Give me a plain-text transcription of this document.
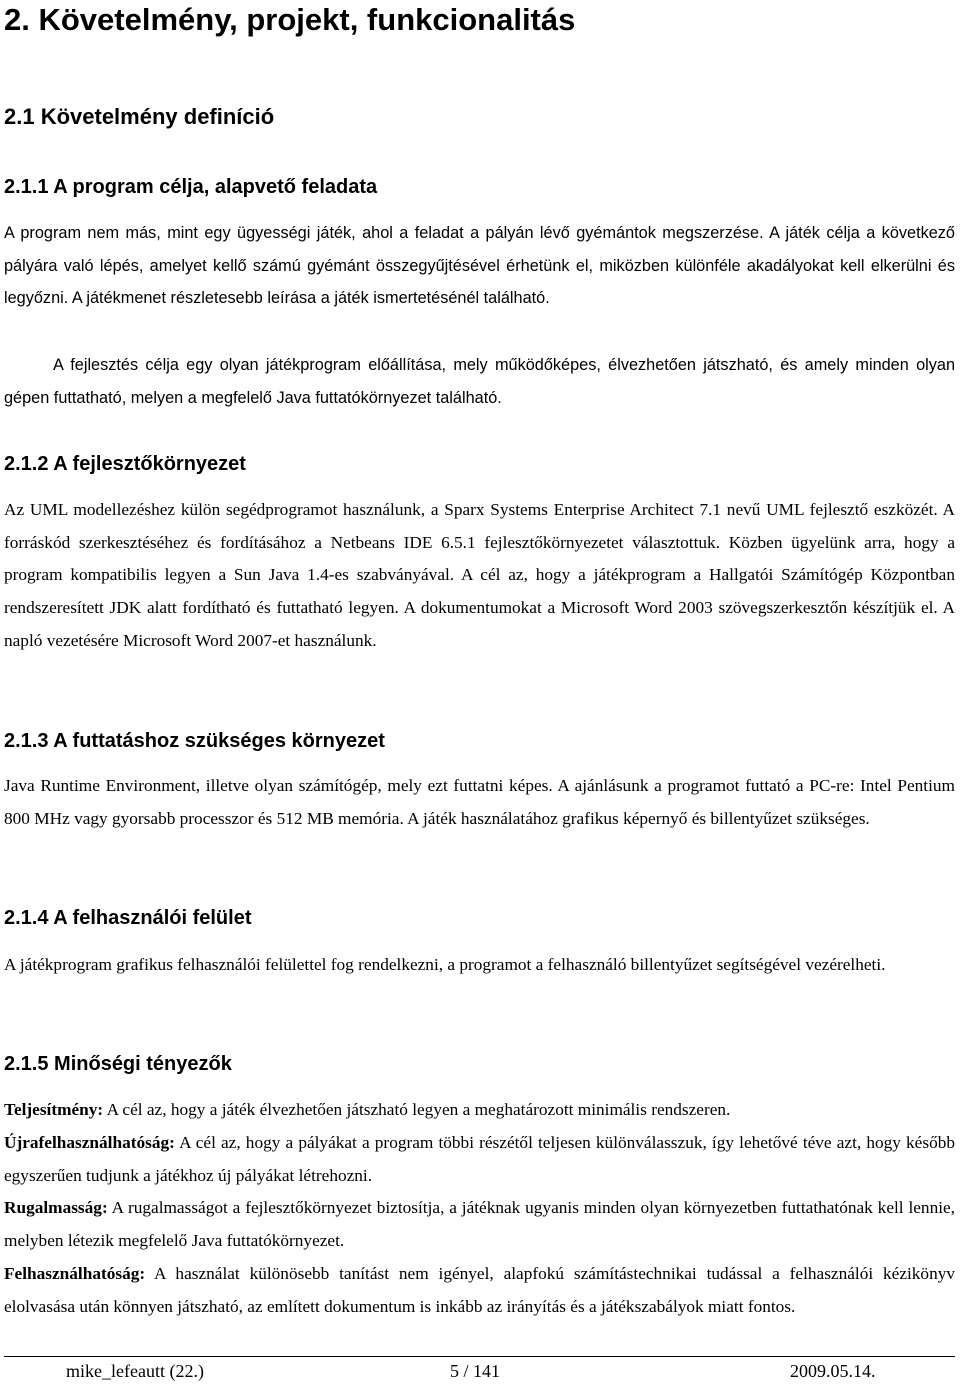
2. Követelmény, projekt, funkcionalitás
2.1 Követelmény definíció
2.1.1 A program célja, alapvető feladata

A program nem más, mint egy ügyességi játék, ahol a feladat a pályán lévő gyémántok megszerzése. A játék célja a következő pályára való lépés, amelyet kellő számú gyémánt összegyűjtésével érhetünk el, miközben különféle akadályokat kell elkerülni és legyőzni. A játékmenet részletesebb leírása a játék ismertetésénél található.

A fejlesztés célja egy olyan játékprogram előállítása, mely működőképes, élvezhetően játszható, és amely minden olyan gépen futtatható, melyen a megfelelő Java futtatókörnyezet található.

2.1.2 A fejlesztőkörnyezet

Az UML modellezéshez külön segédprogramot használunk, a Sparx Systems Enterprise Architect 7.1 nevű UML fejlesztő eszközét. A forráskód szerkesztéséhez és fordításához a Netbeans IDE 6.5.1 fejlesztőkörnyezetet választottuk. Közben ügyelünk arra, hogy a program kompatibilis legyen a Sun Java 1.4-es szabványával. A cél az, hogy a játékprogram a Hallgatói Számítógép Központban rendszeresített JDK alatt fordítható és futtatható legyen. A dokumentumokat a Microsoft Word 2003 szövegszerkesztőn készítjük el. A napló vezetésére Microsoft Word 2007-et használunk.

2.1.3 A futtatáshoz szükséges környezet

Java Runtime Environment, illetve olyan számítógép, mely ezt futtatni képes. A ajánlásunk a programot futtató a PC-re: Intel Pentium 800 MHz vagy gyorsabb processzor és 512 MB memória. A játék használatához grafikus képernyő és billentyűzet szükséges.

2.1.4 A felhasználói felület

A játékprogram grafikus felhasználói felülettel fog rendelkezni, a programot a felhasználó billentyűzet segítségével vezérelheti.

2.1.5 Minőségi tényezők

Teljesítmény: A cél az, hogy a játék élvezhetően játszható legyen a meghatározott minimális rendszeren.

Újrafelhasználhatóság: A cél az, hogy a pályákat a program többi részétől teljesen különválasszuk, így lehetővé téve azt, hogy később egyszerűen tudjunk a játékhoz új pályákat létrehozni.

Rugalmasság: A rugalmasságot a fejlesztőkörnyezet biztosítja, a játéknak ugyanis minden olyan környezetben futtathatónak kell lennie, melyben létezik megfelelő Java futtatókörnyezet.

Felhasználhatóság: A használat különösebb tanítást nem igényel, alapfokú számítástechnikai tudással a felhasználói kézikönyv elolvasása után könnyen játszható, az említett dokumentum is inkább az irányítás és a játékszabályok miatt fontos.

mike_lefeautt (22.)	5 / 141	2009.05.14.
